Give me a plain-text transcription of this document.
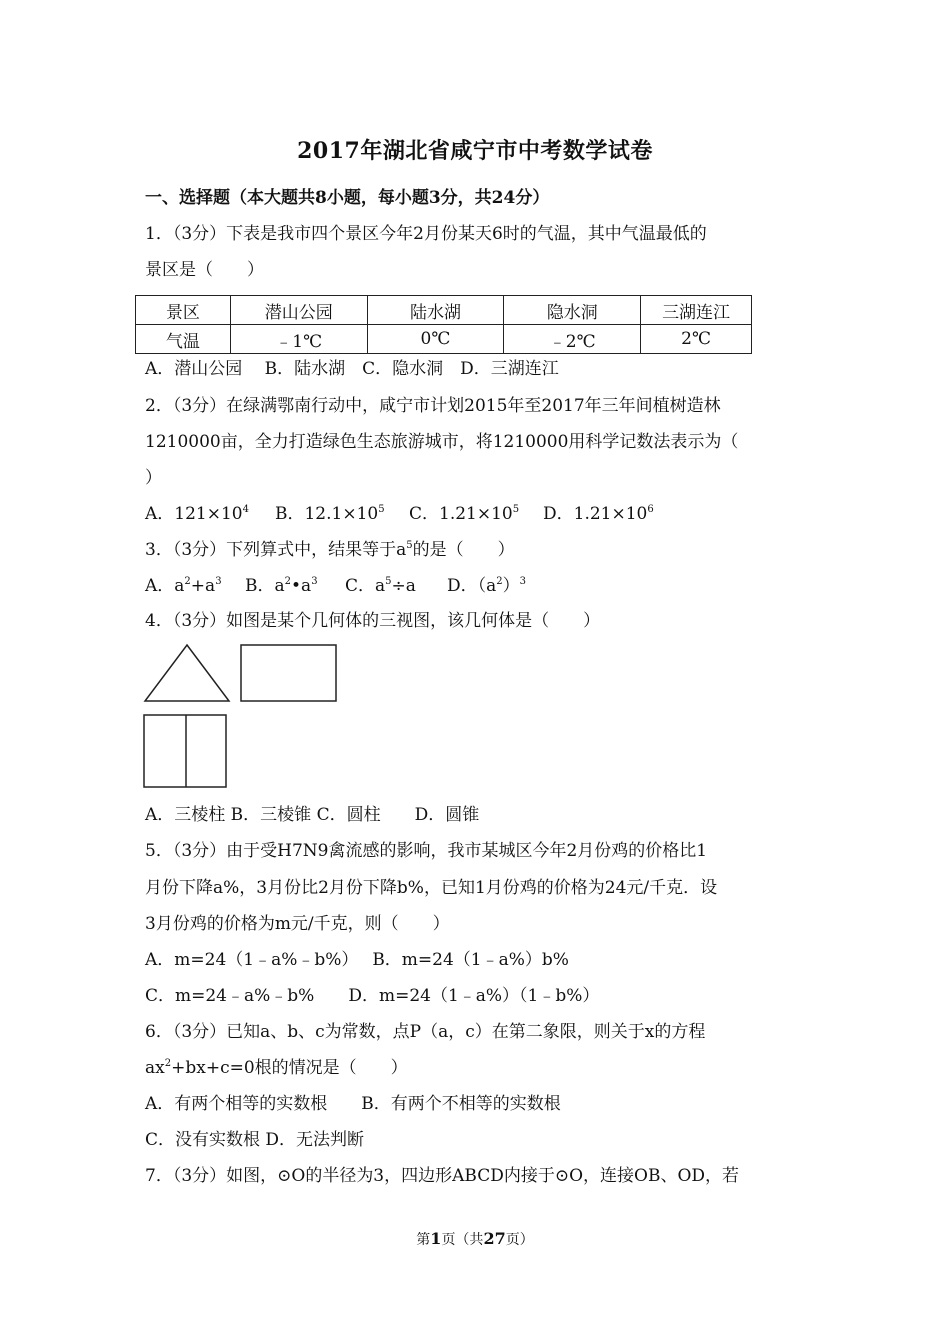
2017年湖北省咸宁市中考数学试卷
一、选择题（本大题共8小题，每小题3分，共24分）
1．（3分）下表是我市四个景区今年2月份某天6时的气温，其中气温最低的
景区是（　　）
景区	潜山公园	陆水湖	隐水洞	三湖连江
气温	﹣1℃	0℃	﹣2℃	2℃
A．潜山公园　 B．陆水湖　C．隐水洞　D．三湖连江
2．（3分）在绿满鄂南行动中，咸宁市计划2015年至2017年三年间植树造林
1210000亩，全力打造绿色生态旅游城市，将1210000用科学记数法表示为（
）
A．$121\times 10^4$ B．$12.1\times 10^5$ C．$1.21\times 10^5$ D．$1.21\times 10^6$
3．（3分）下列算式中，结果等于$a^5$的是（　　）
A．$a^2+a^3$ B．$a^2•a^3$ C．$a^5\div a$ D．$(a^2)^3$
4．（3分）如图是某个几何体的三视图，该几何体是（　　）
A．三棱柱 B．三棱锥 C．圆柱　　D．圆锥
5．（3分）由于受H7N9禽流感的影响，我市某城区今年2月份鸡的价格比1
月份下降a%，3月份比2月份下降b%，已知1月份鸡的价格为24元/千克．设
3月份鸡的价格为m元/千克，则（　　）
A．m=24（1﹣a%﹣b%）　 B．m=24（1﹣a%）b%
C．m=24﹣a%﹣b%　　D．m=24（1﹣a%）（1﹣b%）
6．（3分）已知a、b、c为常数，点P（a，c）在第二象限，则关于x的方程
$ax^2+bx+c=0$根的情况是（　　）
A．有两个相等的实数根　　B．有两个不相等的实数根
C．没有实数根 D．无法判断
7．（3分）如图，⊙O的半径为3，四边形ABCD内接于⊙O，连接OB、OD，若
第1页（共27页）
